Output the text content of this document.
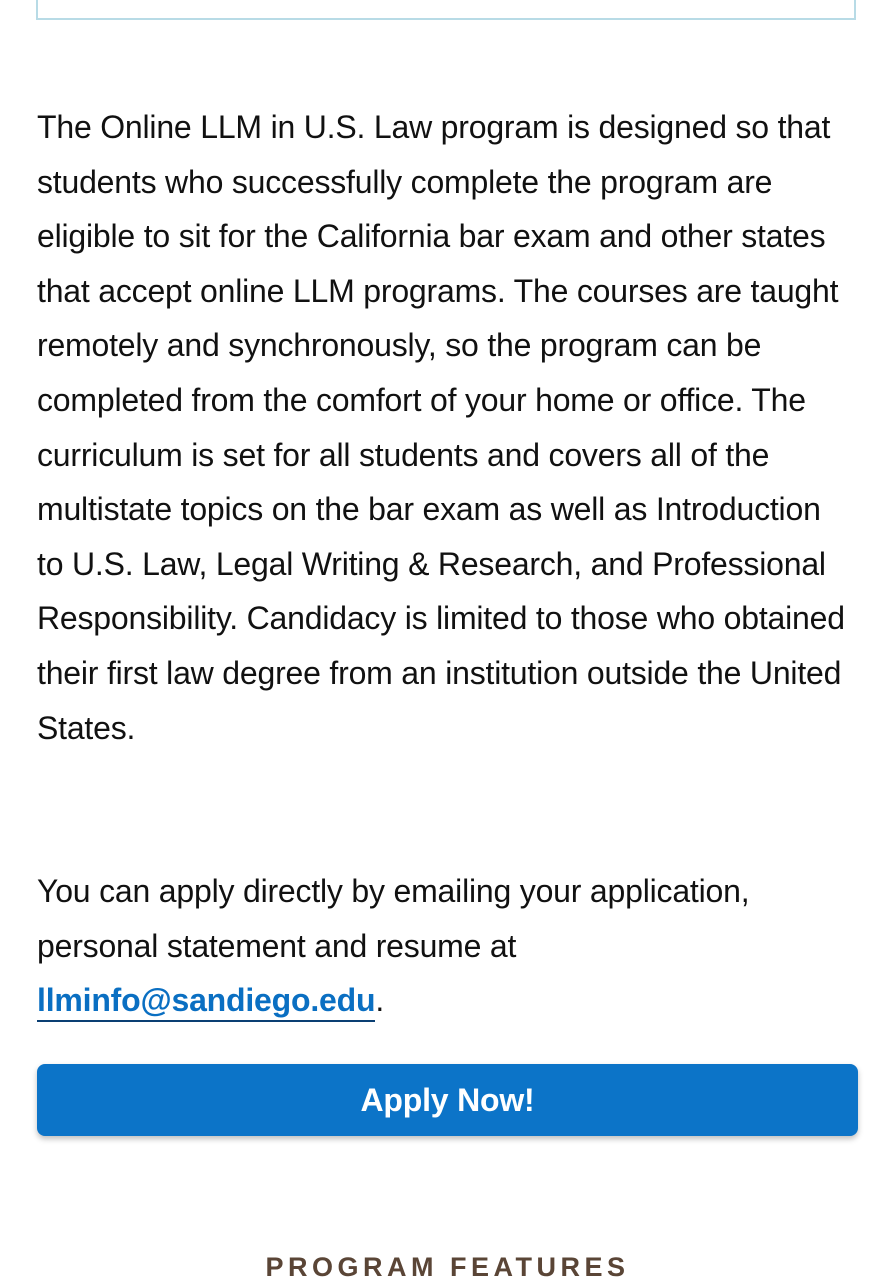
The Online LLM in U.S. Law program is designed so that students who successfully complete the program are eligible to sit for the California bar exam and other states that accept online LLM programs. The courses are taught remotely and synchronously, so the program can be completed from the comfort of your home or office. The curriculum is set for all students and covers all of the multistate topics on the bar exam as well as Introduction to U.S. Law, Legal Writing & Research, and Professional Responsibility. Candidacy is limited to those who obtained their first law degree from an institution outside the United States.

You can apply directly by emailing your application, personal statement and resume at llminfo@sandiego.edu.

Apply Now!
PROGRAM FEATURES
